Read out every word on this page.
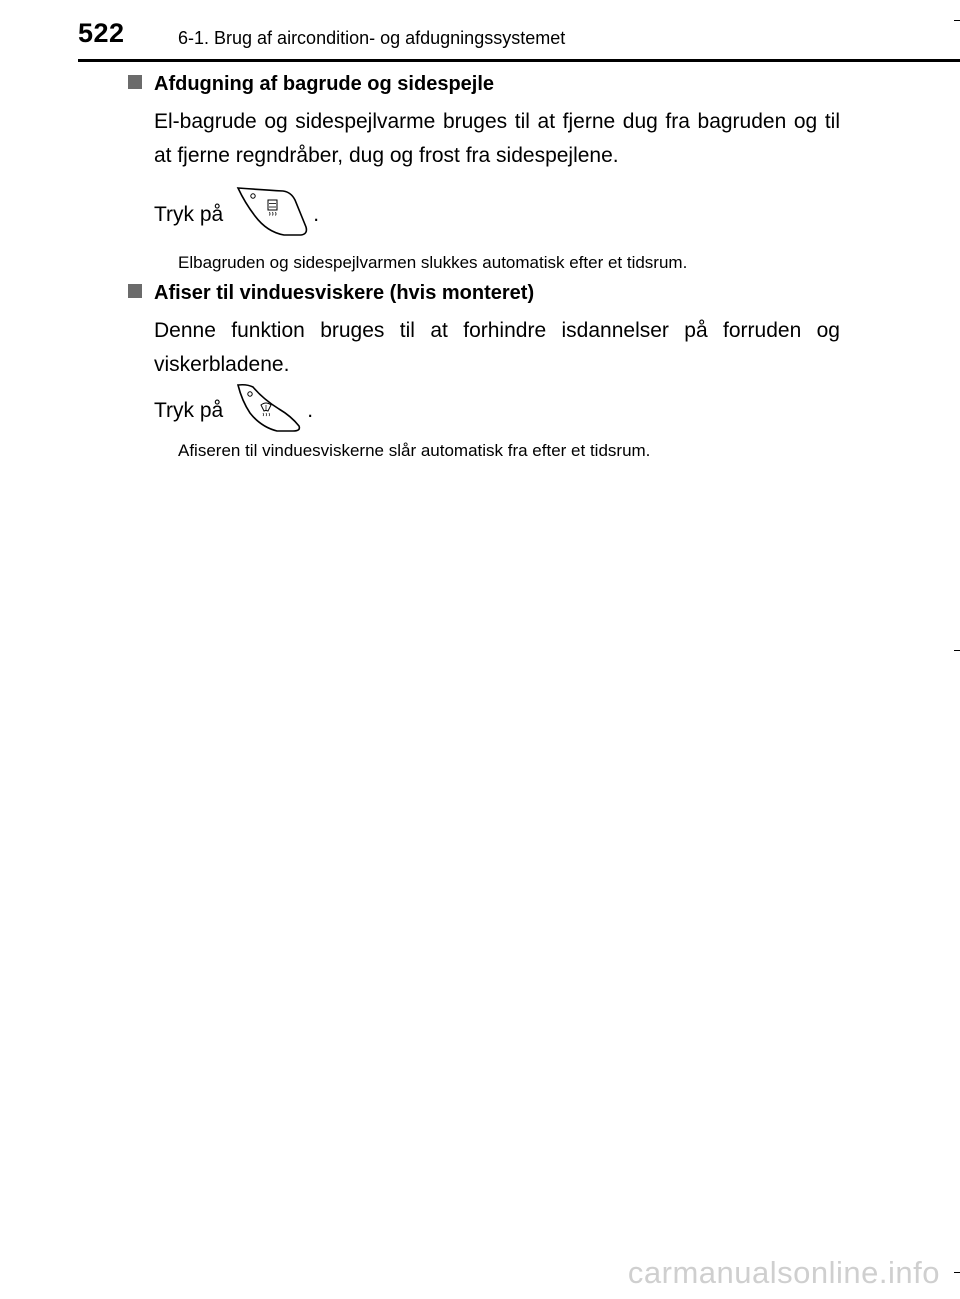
522	6-1. Brug af aircondition- og afdugningssystemet
Afdugning af bagrude og sidespejle
El-bagrude og sidespejlvarme bruges til at fjerne dug fra bagruden og til at fjerne regndråber, dug og frost fra sidespejlene.
Tryk på	.
Elbagruden og sidespejlvarmen slukkes automatisk efter et tidsrum.
Afiser til vinduesviskere (hvis monteret)
Denne funktion bruges til at forhindre isdannelser på forruden og viskerbladene.
Tryk på	.
Afiseren til vinduesviskerne slår automatisk fra efter et tidsrum.
carmanualsonline.info
